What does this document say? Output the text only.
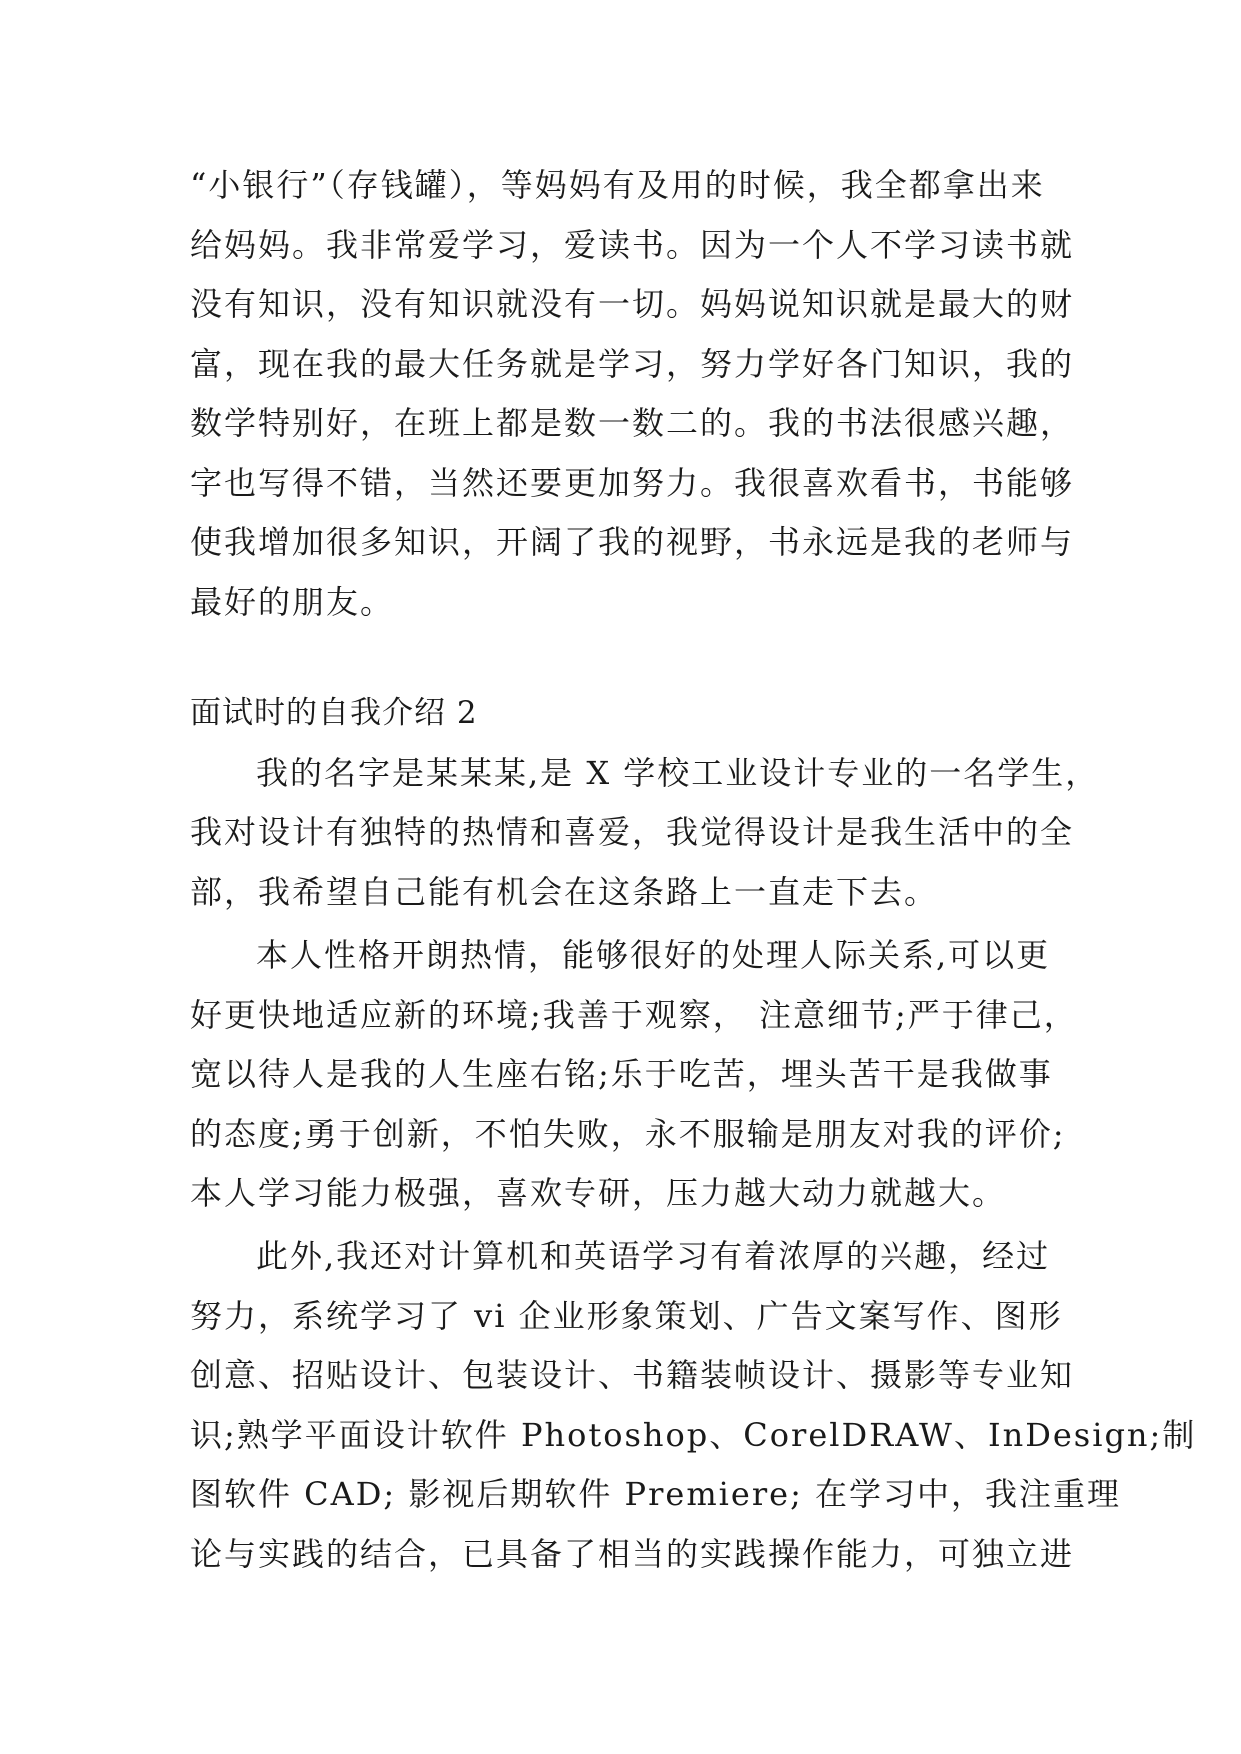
“小银行”（存钱罐），等妈妈有及用的时候，我全都拿出来

给妈妈。我非常爱学习，爱读书。因为一个人不学习读书就

没有知识，没有知识就没有一切。妈妈说知识就是最大的财

富，现在我的最大任务就是学习，努力学好各门知识，我的

数学特别好，在班上都是数一数二的。我的书法很感兴趣，

字也写得不错，当然还要更加努力。我很喜欢看书，书能够

使我增加很多知识，开阔了我的视野，书永远是我的老师与

最好的朋友。

面试时的自我介绍 2

我的名字是某某某,是 X 学校工业设计专业的一名学生，

我对设计有独特的热情和喜爱，我觉得设计是我生活中的全

部，我希望自己能有机会在这条路上一直走下去。

本人性格开朗热情，能够很好的处理人际关系,可以更

好更快地适应新的环境;我善于观察， 注意细节;严于律己，

宽以待人是我的人生座右铭;乐于吃苦，埋头苦干是我做事

的态度;勇于创新，不怕失败，永不服输是朋友对我的评价;

本人学习能力极强，喜欢专研，压力越大动力就越大。

此外,我还对计算机和英语学习有着浓厚的兴趣，经过

努力，系统学习了 vi 企业形象策划、广告文案写作、图形

创意、招贴设计、包装设计、书籍装帧设计、摄影等专业知

识;熟学平面设计软件 Photoshop、CorelDRAW、InDesign;制

图软件 CAD; 影视后期软件 Premiere; 在学习中，我注重理

论与实践的结合，已具备了相当的实践操作能力，可独立进
